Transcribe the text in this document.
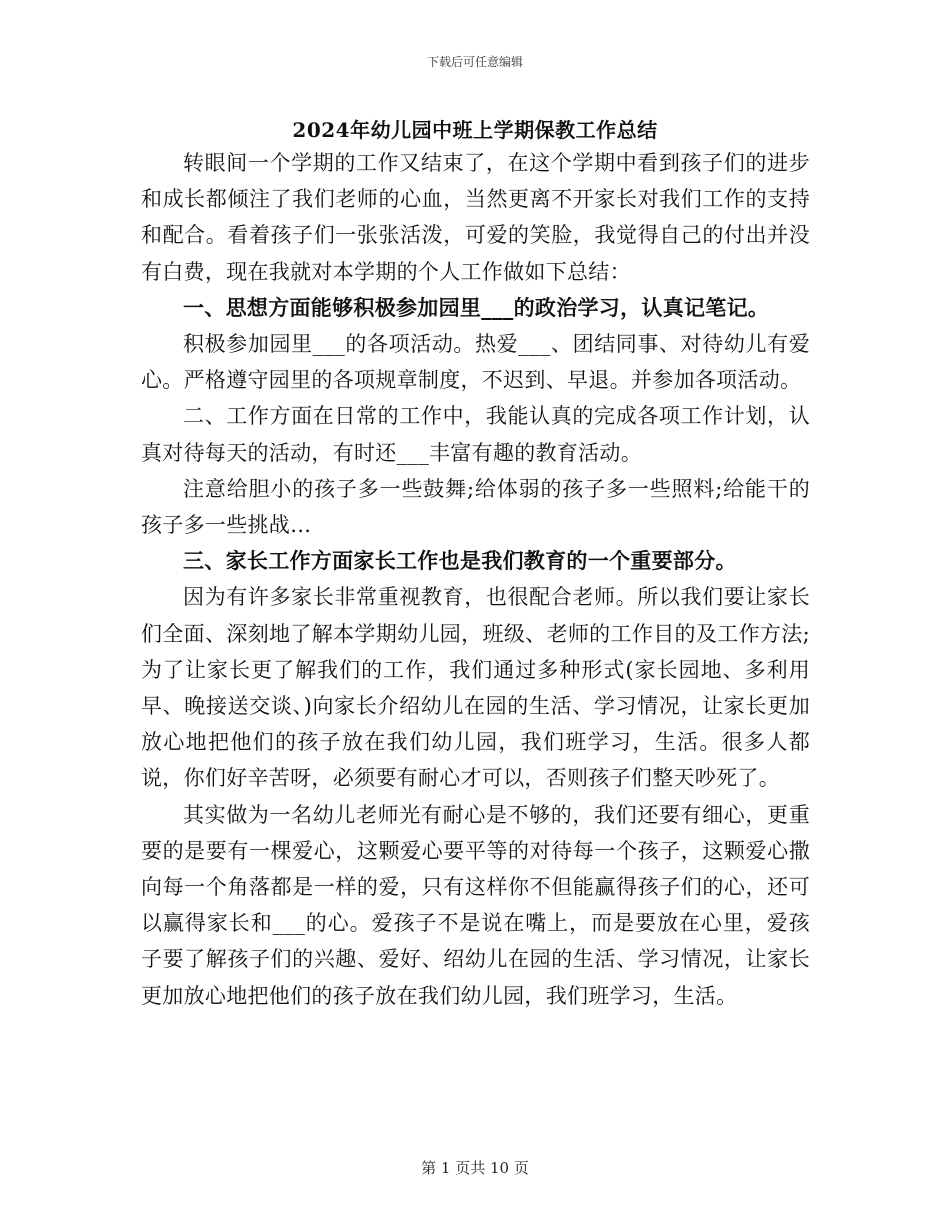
下载后可任意编辑
2024年幼儿园中班上学期保教工作总结

转眼间一个学期的工作又结束了，在这个学期中看到孩子们的进步和成长都倾注了我们老师的心血，当然更离不开家长对我们工作的支持和配合。看着孩子们一张张活泼，可爱的笑脸，我觉得自己的付出并没有白费，现在我就对本学期的个人工作做如下总结：

一、思想方面能够积极参加园里___的政治学习，认真记笔记。

积极参加园里___的各项活动。热爱___、团结同事、对待幼儿有爱心。严格遵守园里的各项规章制度，不迟到、早退。并参加各项活动。

二、工作方面在日常的工作中，我能认真的完成各项工作计划，认真对待每天的活动，有时还___丰富有趣的教育活动。

注意给胆小的孩子多一些鼓舞;给体弱的孩子多一些照料;给能干的孩子多一些挑战…

三、家长工作方面家长工作也是我们教育的一个重要部分。

因为有许多家长非常重视教育，也很配合老师。所以我们要让家长们全面、深刻地了解本学期幼儿园，班级、老师的工作目的及工作方法;为了让家长更了解我们的工作，我们通过多种形式(家长园地、多利用早、晚接送交谈、)向家长介绍幼儿在园的生活、学习情况，让家长更加放心地把他们的孩子放在我们幼儿园，我们班学习，生活。很多人都说，你们好辛苦呀，必须要有耐心才可以，否则孩子们整天吵死了。

其实做为一名幼儿老师光有耐心是不够的，我们还要有细心，更重要的是要有一棵爱心，这颗爱心要平等的对待每一个孩子，这颗爱心撒向每一个角落都是一样的爱，只有这样你不但能赢得孩子们的心，还可以赢得家长和___的心。爱孩子不是说在嘴上，而是要放在心里，爱孩子要了解孩子们的兴趣、爱好、绍幼儿在园的生活、学习情况，让家长更加放心地把他们的孩子放在我们幼儿园，我们班学习，生活。

第 1 页共 10 页
